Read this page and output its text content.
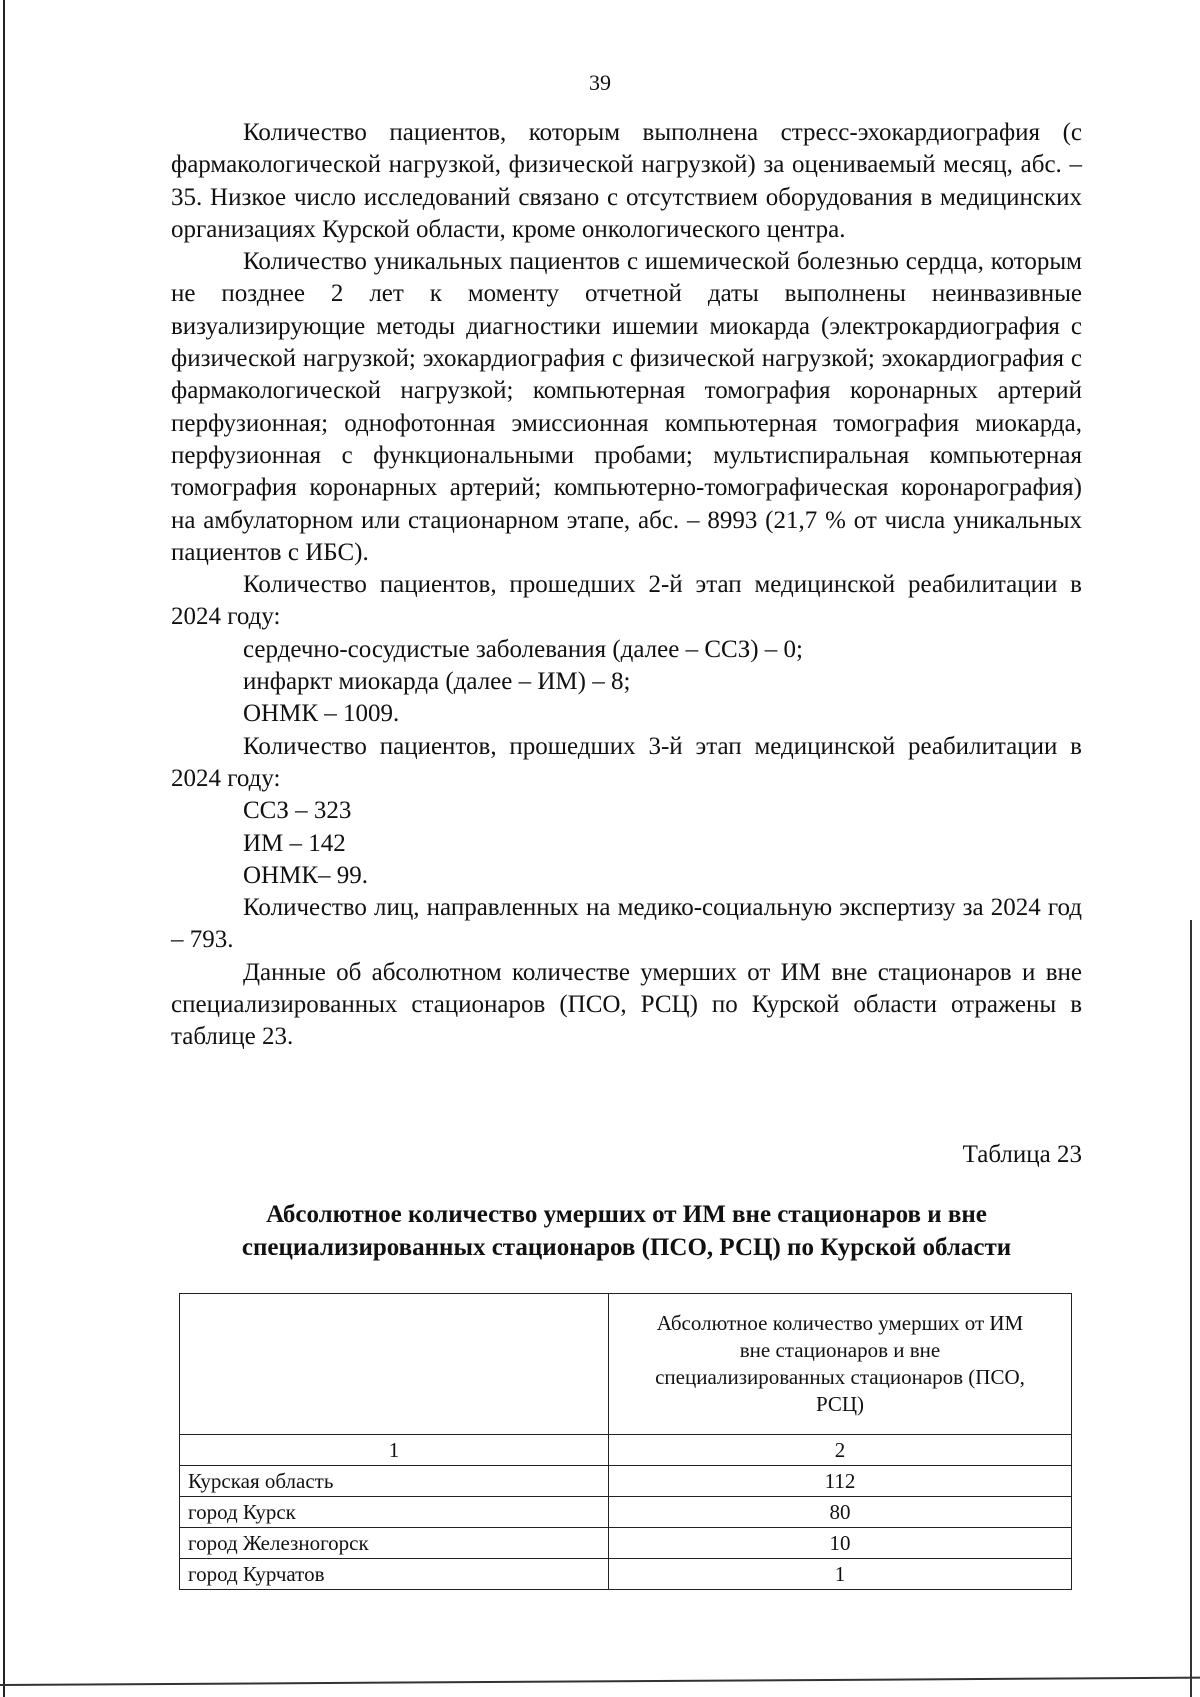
39

Количество пациентов, которым выполнена стресс-эхокардиография (с фармакологической нагрузкой, физической нагрузкой) за оцениваемый месяц, абс. – 35. Низкое число исследований связано с отсутствием оборудования в медицинских организациях Курской области, кроме онкологического центра.

Количество уникальных пациентов с ишемической болезнью сердца, которым не позднее 2 лет к моменту отчетной даты выполнены неинвазивные визуализирующие методы диагностики ишемии миокарда (электрокардиография с физической нагрузкой; эхокардиография с физической нагрузкой; эхокардиография с фармакологической нагрузкой; компьютерная томография коронарных артерий перфузионная; однофотонная эмиссионная компьютерная томография миокарда, перфузионная с функциональными пробами; мультиспиральная компьютерная томография коронарных артерий; компьютерно-томографическая коронарография) на амбулаторном или стационарном этапе, абс. – 8993 (21,7 % от числа уникальных пациентов с ИБС).

Количество пациентов, прошедших 2-й этап медицинской реабилитации в 2024 году:

сердечно-сосудистые заболевания (далее – ССЗ) – 0;

инфаркт миокарда (далее – ИМ) – 8;

ОНМК – 1009.

Количество пациентов, прошедших 3-й этап медицинской реабилитации в 2024 году:

ССЗ – 323

ИМ – 142

ОНМК– 99.

Количество лиц, направленных на медико-социальную экспертизу за 2024 год – 793.

Данные об абсолютном количестве умерших от ИМ вне стационаров и вне специализированных стационаров (ПСО, РСЦ) по Курской области отражены в таблице 23.

Таблица 23
Абсолютное количество умерших от ИМ вне стационаров и вне специализированных стационаров (ПСО, РСЦ) по Курской области
	Абсолютное количество умерших от ИМ вне стационаров и вне специализированных стационаров (ПСО, РСЦ)
1	2
Курская область	112
город Курск	80
город Железногорск	10
город Курчатов	1
